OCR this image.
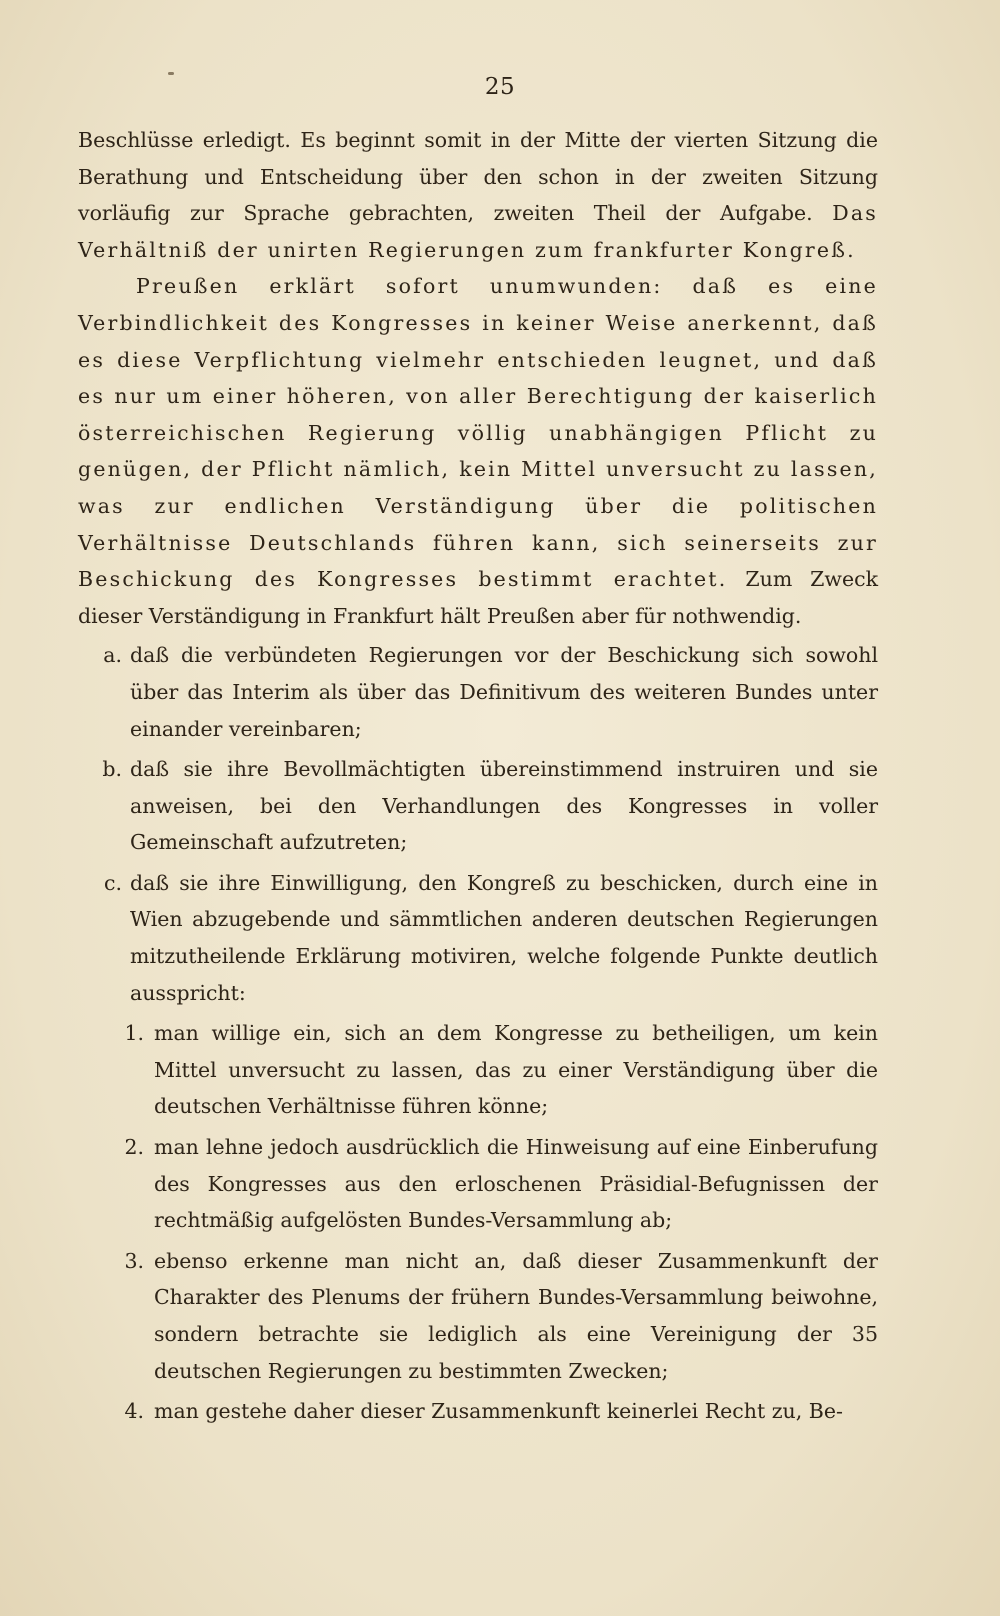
25

Beschlüsse erledigt. Es beginnt somit in der Mitte der vierten Sitzung die Berathung und Entscheidung über den schon in der zweiten Sitzung vorläufig zur Sprache gebrachten, zweiten Theil der Aufgabe. Das Verhältniß der unirten Regierungen zum frankfurter Kongreß.

Preußen erklärt sofort unumwunden: daß es eine Verbindlichkeit des Kongresses in keiner Weise anerkennt, daß es diese Verpflichtung vielmehr entschieden leugnet, und daß es nur um einer höheren, von aller Berechtigung der kaiserlich österreichischen Regierung völlig unabhängigen Pflicht zu genügen, der Pflicht nämlich, kein Mittel unversucht zu lassen, was zur endlichen Verständigung über die politischen Verhältnisse Deutschlands führen kann, sich seinerseits zur Beschickung des Kongresses bestimmt erachtet. Zum Zweck dieser Verständigung in Frankfurt hält Preußen aber für nothwendig.

a. daß die verbündeten Regierungen vor der Beschickung sich sowohl über das Interim als über das Definitivum des weiteren Bundes unter einander vereinbaren;
b. daß sie ihre Bevollmächtigten übereinstimmend instruiren und sie anweisen, bei den Verhandlungen des Kongresses in voller Gemeinschaft aufzutreten;
c. daß sie ihre Einwilligung, den Kongreß zu beschicken, durch eine in Wien abzugebende und sämmtlichen anderen deutschen Regierungen mitzutheilende Erklärung motiviren, welche folgende Punkte deutlich ausspricht:
1. man willige ein, sich an dem Kongresse zu betheiligen, um kein Mittel unversucht zu lassen, das zu einer Verständigung über die deutschen Verhältnisse führen könne;
2. man lehne jedoch ausdrücklich die Hinweisung auf eine Einberufung des Kongresses aus den erloschenen Präsidial-Befugnissen der rechtmäßig aufgelösten Bundes-Versammlung ab;
3. ebenso erkenne man nicht an, daß dieser Zusammenkunft der Charakter des Plenums der frühern Bundes-Versammlung beiwohne, sondern betrachte sie lediglich als eine Vereinigung der 35 deutschen Regierungen zu bestimmten Zwecken;
4. man gestehe daher dieser Zusammenkunft keinerlei Recht zu, Be-
